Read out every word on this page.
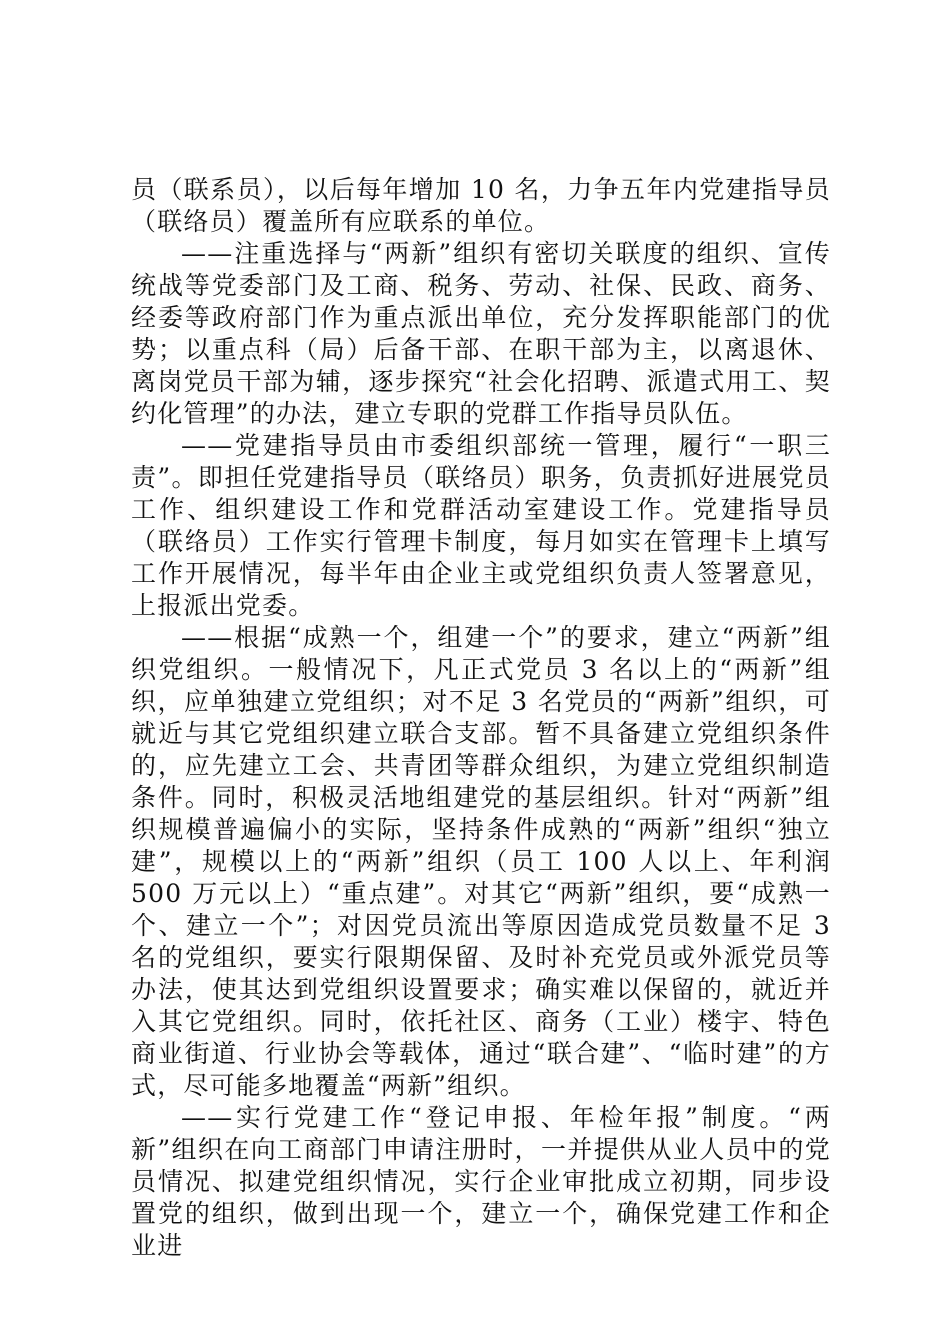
员（联系员），以后每年增加 10 名，力争五年内党建指导员（联络员）覆盖所有应联系的单位。

——注重选择与“两新”组织有密切关联度的组织、宣传统战等党委部门及工商、税务、劳动、社保、民政、商务、经委等政府部门作为重点派出单位，充分发挥职能部门的优势；以重点科（局）后备干部、在职干部为主，以离退休、离岗党员干部为辅，逐步探究“社会化招聘、派遣式用工、契约化管理”的办法，建立专职的党群工作指导员队伍。

——党建指导员由市委组织部统一管理，履行“一职三责”。即担任党建指导员（联络员）职务，负责抓好进展党员工作、组织建设工作和党群活动室建设工作。党建指导员（联络员）工作实行管理卡制度，每月如实在管理卡上填写工作开展情况，每半年由企业主或党组织负责人签署意见，上报派出党委。

——根据“成熟一个，组建一个”的要求，建立“两新”组织党组织。一般情况下，凡正式党员 3 名以上的“两新”组织，应单独建立党组织；对不足 3 名党员的“两新”组织，可就近与其它党组织建立联合支部。暂不具备建立党组织条件的，应先建立工会、共青团等群众组织，为建立党组织制造条件。同时，积极灵活地组建党的基层组织。针对“两新”组织规模普遍偏小的实际，坚持条件成熟的“两新”组织“独立建”，规模以上的“两新”组织（员工 100 人以上、年利润 500 万元以上）“重点建”。对其它“两新”组织，要“成熟一个、建立一个”；对因党员流出等原因造成党员数量不足 3 名的党组织，要实行限期保留、及时补充党员或外派党员等办法，使其达到党组织设置要求；确实难以保留的，就近并入其它党组织。同时，依托社区、商务（工业）楼宇、特色商业街道、行业协会等载体，通过“联合建”、“临时建”的方式，尽可能多地覆盖“两新”组织。

——实行党建工作“登记申报、年检年报”制度。“两新”组织在向工商部门申请注册时，一并提供从业人员中的党员情况、拟建党组织情况，实行企业审批成立初期，同步设置党的组织，做到出现一个，建立一个，确保党建工作和企业进
